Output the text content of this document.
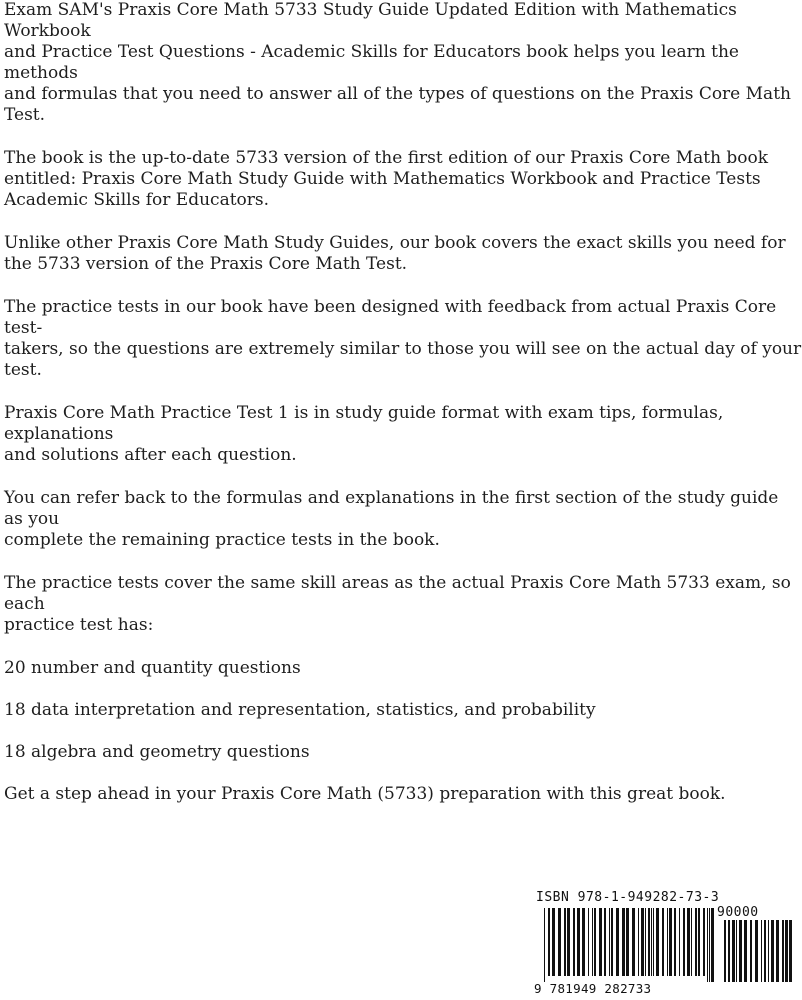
Exam SAM's Praxis Core Math 5733 Study Guide Updated Edition with Mathematics Workbook
and Practice Test Questions - Academic Skills for Educators book helps you learn the methods
and formulas that you need to answer all of the types of questions on the Praxis Core Math Test.

The book is the up-to-date 5733 version of the first edition of our Praxis Core Math book
entitled: Praxis Core Math Study Guide with Mathematics Workbook and Practice Tests
Academic Skills for Educators.

Unlike other Praxis Core Math Study Guides, our book covers the exact skills you need for
the 5733 version of the Praxis Core Math Test.

The practice tests in our book have been designed with feedback from actual Praxis Core test-
takers, so the questions are extremely similar to those you will see on the actual day of your test.

Praxis Core Math Practice Test 1 is in study guide format with exam tips, formulas, explanations
and solutions after each question.

You can refer back to the formulas and explanations in the first section of the study guide as you
complete the remaining practice tests in the book.

The practice tests cover the same skill areas as the actual Praxis Core Math 5733 exam, so each
practice test has:

20 number and quantity questions

18 data interpretation and representation, statistics, and probability

18 algebra and geometry questions

Get a step ahead in your Praxis Core Math (5733) preparation with this great book.

ISBN 978-1-949282-73-3
90000
9 781949 282733
